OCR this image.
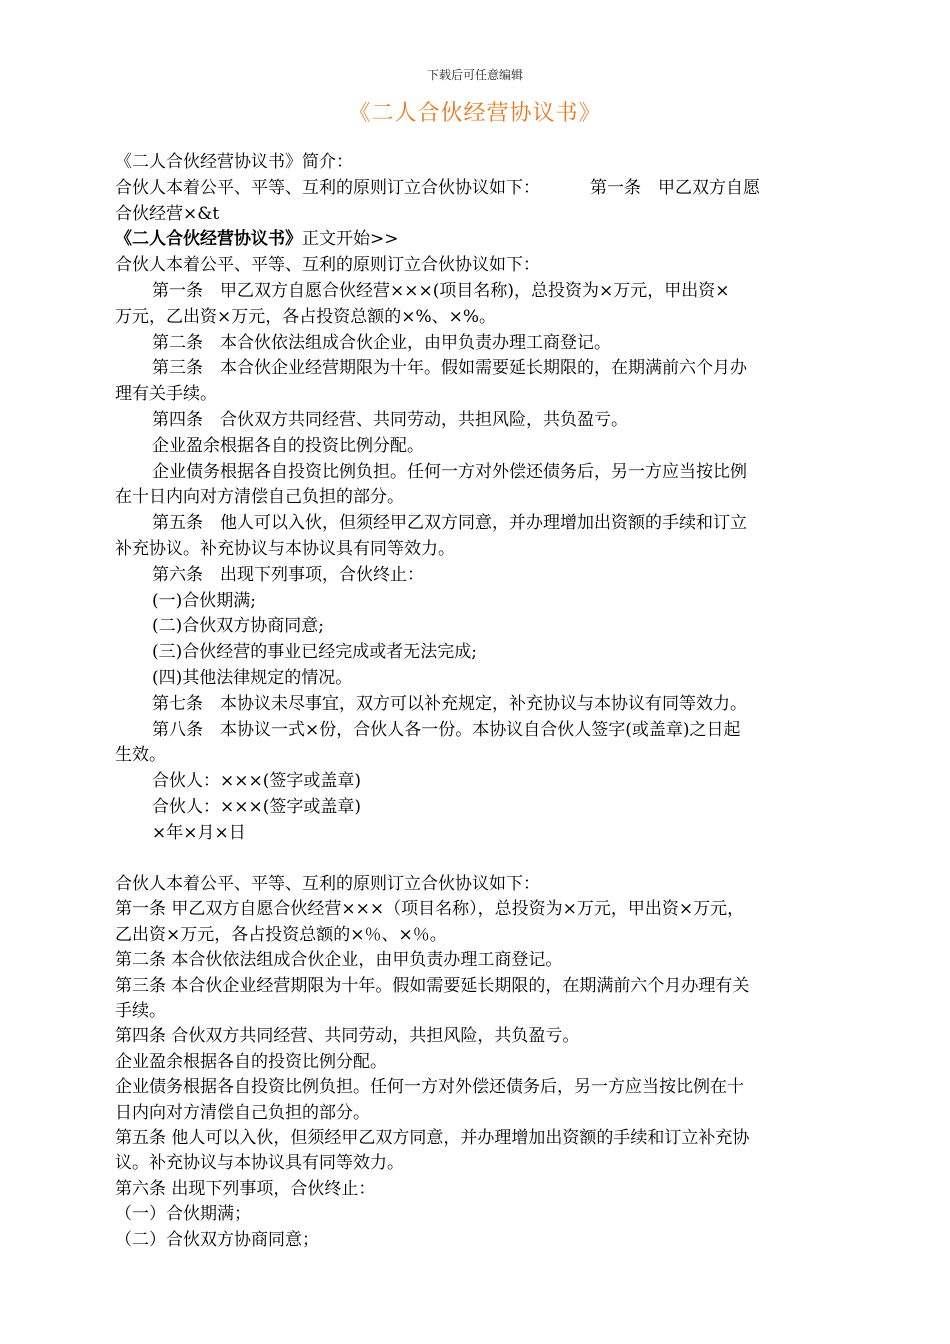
下载后可任意编辑
《二人合伙经营协议书》
《二人合伙经营协议书》简介：
合伙人本着公平、平等、互利的原则订立合伙协议如下：	第一条　甲乙双方自愿
合伙经营×&t
《二人合伙经营协议书》正文开始>>
合伙人本着公平、平等、互利的原则订立合伙协议如下：
第一条　甲乙双方自愿合伙经营×××(项目名称)，总投资为×万元，甲出资×
万元，乙出资×万元，各占投资总额的×%、×%。
第二条　本合伙依法组成合伙企业，由甲负责办理工商登记。
第三条　本合伙企业经营期限为十年。假如需要延长期限的，在期满前六个月办
理有关手续。
第四条　合伙双方共同经营、共同劳动，共担风险，共负盈亏。
企业盈余根据各自的投资比例分配。
企业债务根据各自投资比例负担。任何一方对外偿还债务后，另一方应当按比例
在十日内向对方清偿自己负担的部分。
第五条　他人可以入伙，但须经甲乙双方同意，并办理增加出资额的手续和订立
补充协议。补充协议与本协议具有同等效力。
第六条　出现下列事项，合伙终止：
(一)合伙期满;
(二)合伙双方协商同意;
(三)合伙经营的事业已经完成或者无法完成;
(四)其他法律规定的情况。
第七条　本协议未尽事宜，双方可以补充规定，补充协议与本协议有同等效力。
第八条　本协议一式×份，合伙人各一份。本协议自合伙人签字(或盖章)之日起
生效。
合伙人：×××(签字或盖章)
合伙人：×××(签字或盖章)
×年×月×日
合伙人本着公平、平等、互利的原则订立合伙协议如下：
第一条 甲乙双方自愿合伙经营×××（项目名称），总投资为×万元，甲出资×万元，
乙出资×万元，各占投资总额的×％、×％。
第二条 本合伙依法组成合伙企业，由甲负责办理工商登记。
第三条 本合伙企业经营期限为十年。假如需要延长期限的，在期满前六个月办理有关
手续。
第四条 合伙双方共同经营、共同劳动，共担风险，共负盈亏。
企业盈余根据各自的投资比例分配。
企业债务根据各自投资比例负担。任何一方对外偿还债务后，另一方应当按比例在十
日内向对方清偿自己负担的部分。
第五条 他人可以入伙，但须经甲乙双方同意，并办理增加出资额的手续和订立补充协
议。补充协议与本协议具有同等效力。
第六条 出现下列事项，合伙终止：
（一）合伙期满；
（二）合伙双方协商同意；
